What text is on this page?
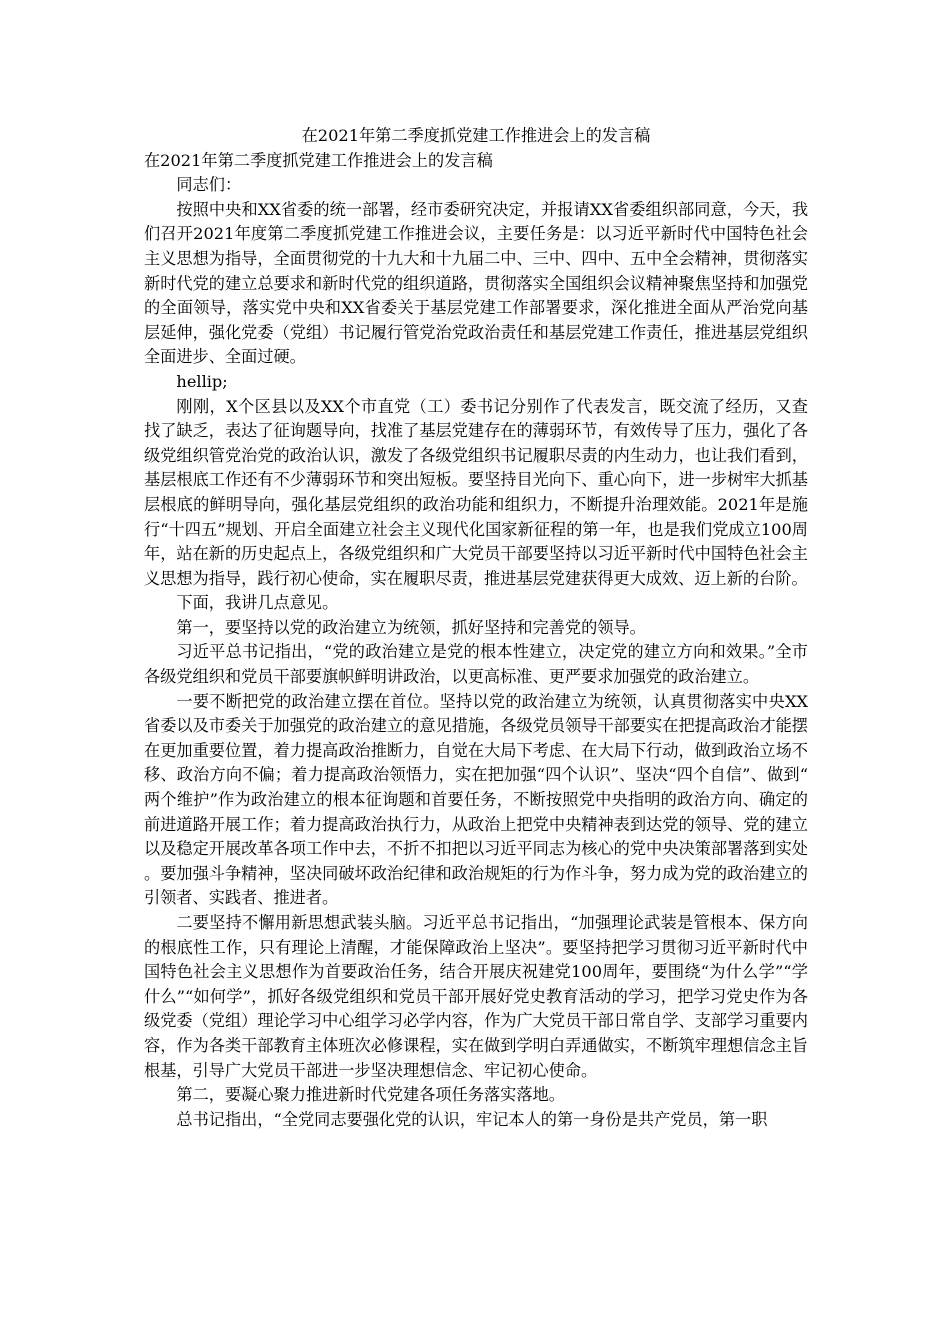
在2021年第二季度抓党建工作推进会上的发言稿
在2021年第二季度抓党建工作推进会上的发言稿

同志们：

按照中央和XX省委的统一部署，经市委研究决定，并报请XX省委组织部同意，今天，我们召开2021年度第二季度抓党建工作推进会议，主要任务是：以习近平新时代中国特色社会主义思想为指导，全面贯彻党的十九大和十九届二中、三中、四中、五中全会精神，贯彻落实新时代党的建立总要求和新时代党的组织道路，贯彻落实全国组织会议精神聚焦坚持和加强党的全面领导，落实党中央和XX省委关于基层党建工作部署要求，深化推进全面从严治党向基层延伸，强化党委（党组）书记履行管党治党政治责任和基层党建工作责任，推进基层党组织全面进步、全面过硬。

hellip;

刚刚，X个区县以及XX个市直党（工）委书记分别作了代表发言，既交流了经历，又查找了缺乏，表达了征询题导向，找准了基层党建存在的薄弱环节，有效传导了压力，强化了各级党组织管党治党的政治认识，激发了各级党组织书记履职尽责的内生动力，也让我们看到，基层根底工作还有不少薄弱环节和突出短板。要坚持目光向下、重心向下，进一步树牢大抓基层根底的鲜明导向，强化基层党组织的政治功能和组织力，不断提升治理效能。2021年是施行“十四五”规划、开启全面建立社会主义现代化国家新征程的第一年，也是我们党成立100周年，站在新的历史起点上，各级党组织和广大党员干部要坚持以习近平新时代中国特色社会主义思想为指导，践行初心使命，实在履职尽责，推进基层党建获得更大成效、迈上新的台阶。

下面，我讲几点意见。

第一，要坚持以党的政治建立为统领，抓好坚持和完善党的领导。

习近平总书记指出，“党的政治建立是党的根本性建立，决定党的建立方向和效果。”全市各级党组织和党员干部要旗帜鲜明讲政治，以更高标准、更严要求加强党的政治建立。

一要不断把党的政治建立摆在首位。坚持以党的政治建立为统领，认真贯彻落实中央XX省委以及市委关于加强党的政治建立的意见措施，各级党员领导干部要实在把提高政治才能摆在更加重要位置，着力提高政治推断力，自觉在大局下考虑、在大局下行动，做到政治立场不移、政治方向不偏；着力提高政治领悟力，实在把加强“四个认识”、坚决“四个自信”、做到“两个维护”作为政治建立的根本征询题和首要任务，不断按照党中央指明的政治方向、确定的前进道路开展工作；着力提高政治执行力，从政治上把党中央精神表到达党的领导、党的建立以及稳定开展改革各项工作中去，不折不扣把以习近平同志为核心的党中央决策部署落到实处。要加强斗争精神，坚决同破坏政治纪律和政治规矩的行为作斗争，努力成为党的政治建立的引领者、实践者、推进者。

二要坚持不懈用新思想武装头脑。习近平总书记指出，“加强理论武装是管根本、保方向的根底性工作，只有理论上清醒，才能保障政治上坚决”。要坚持把学习贯彻习近平新时代中国特色社会主义思想作为首要政治任务，结合开展庆祝建党100周年，要围绕“为什么学”“学什么”“如何学”，抓好各级党组织和党员干部开展好党史教育活动的学习，把学习党史作为各级党委（党组）理论学习中心组学习必学内容，作为广大党员干部日常自学、支部学习重要内容，作为各类干部教育主体班次必修课程，实在做到学明白弄通做实，不断筑牢理想信念主旨根基，引导广大党员干部进一步坚决理想信念、牢记初心使命。

第二，要凝心聚力推进新时代党建各项任务落实落地。

总书记指出，“全党同志要强化党的认识，牢记本人的第一身份是共产党员，第一职
